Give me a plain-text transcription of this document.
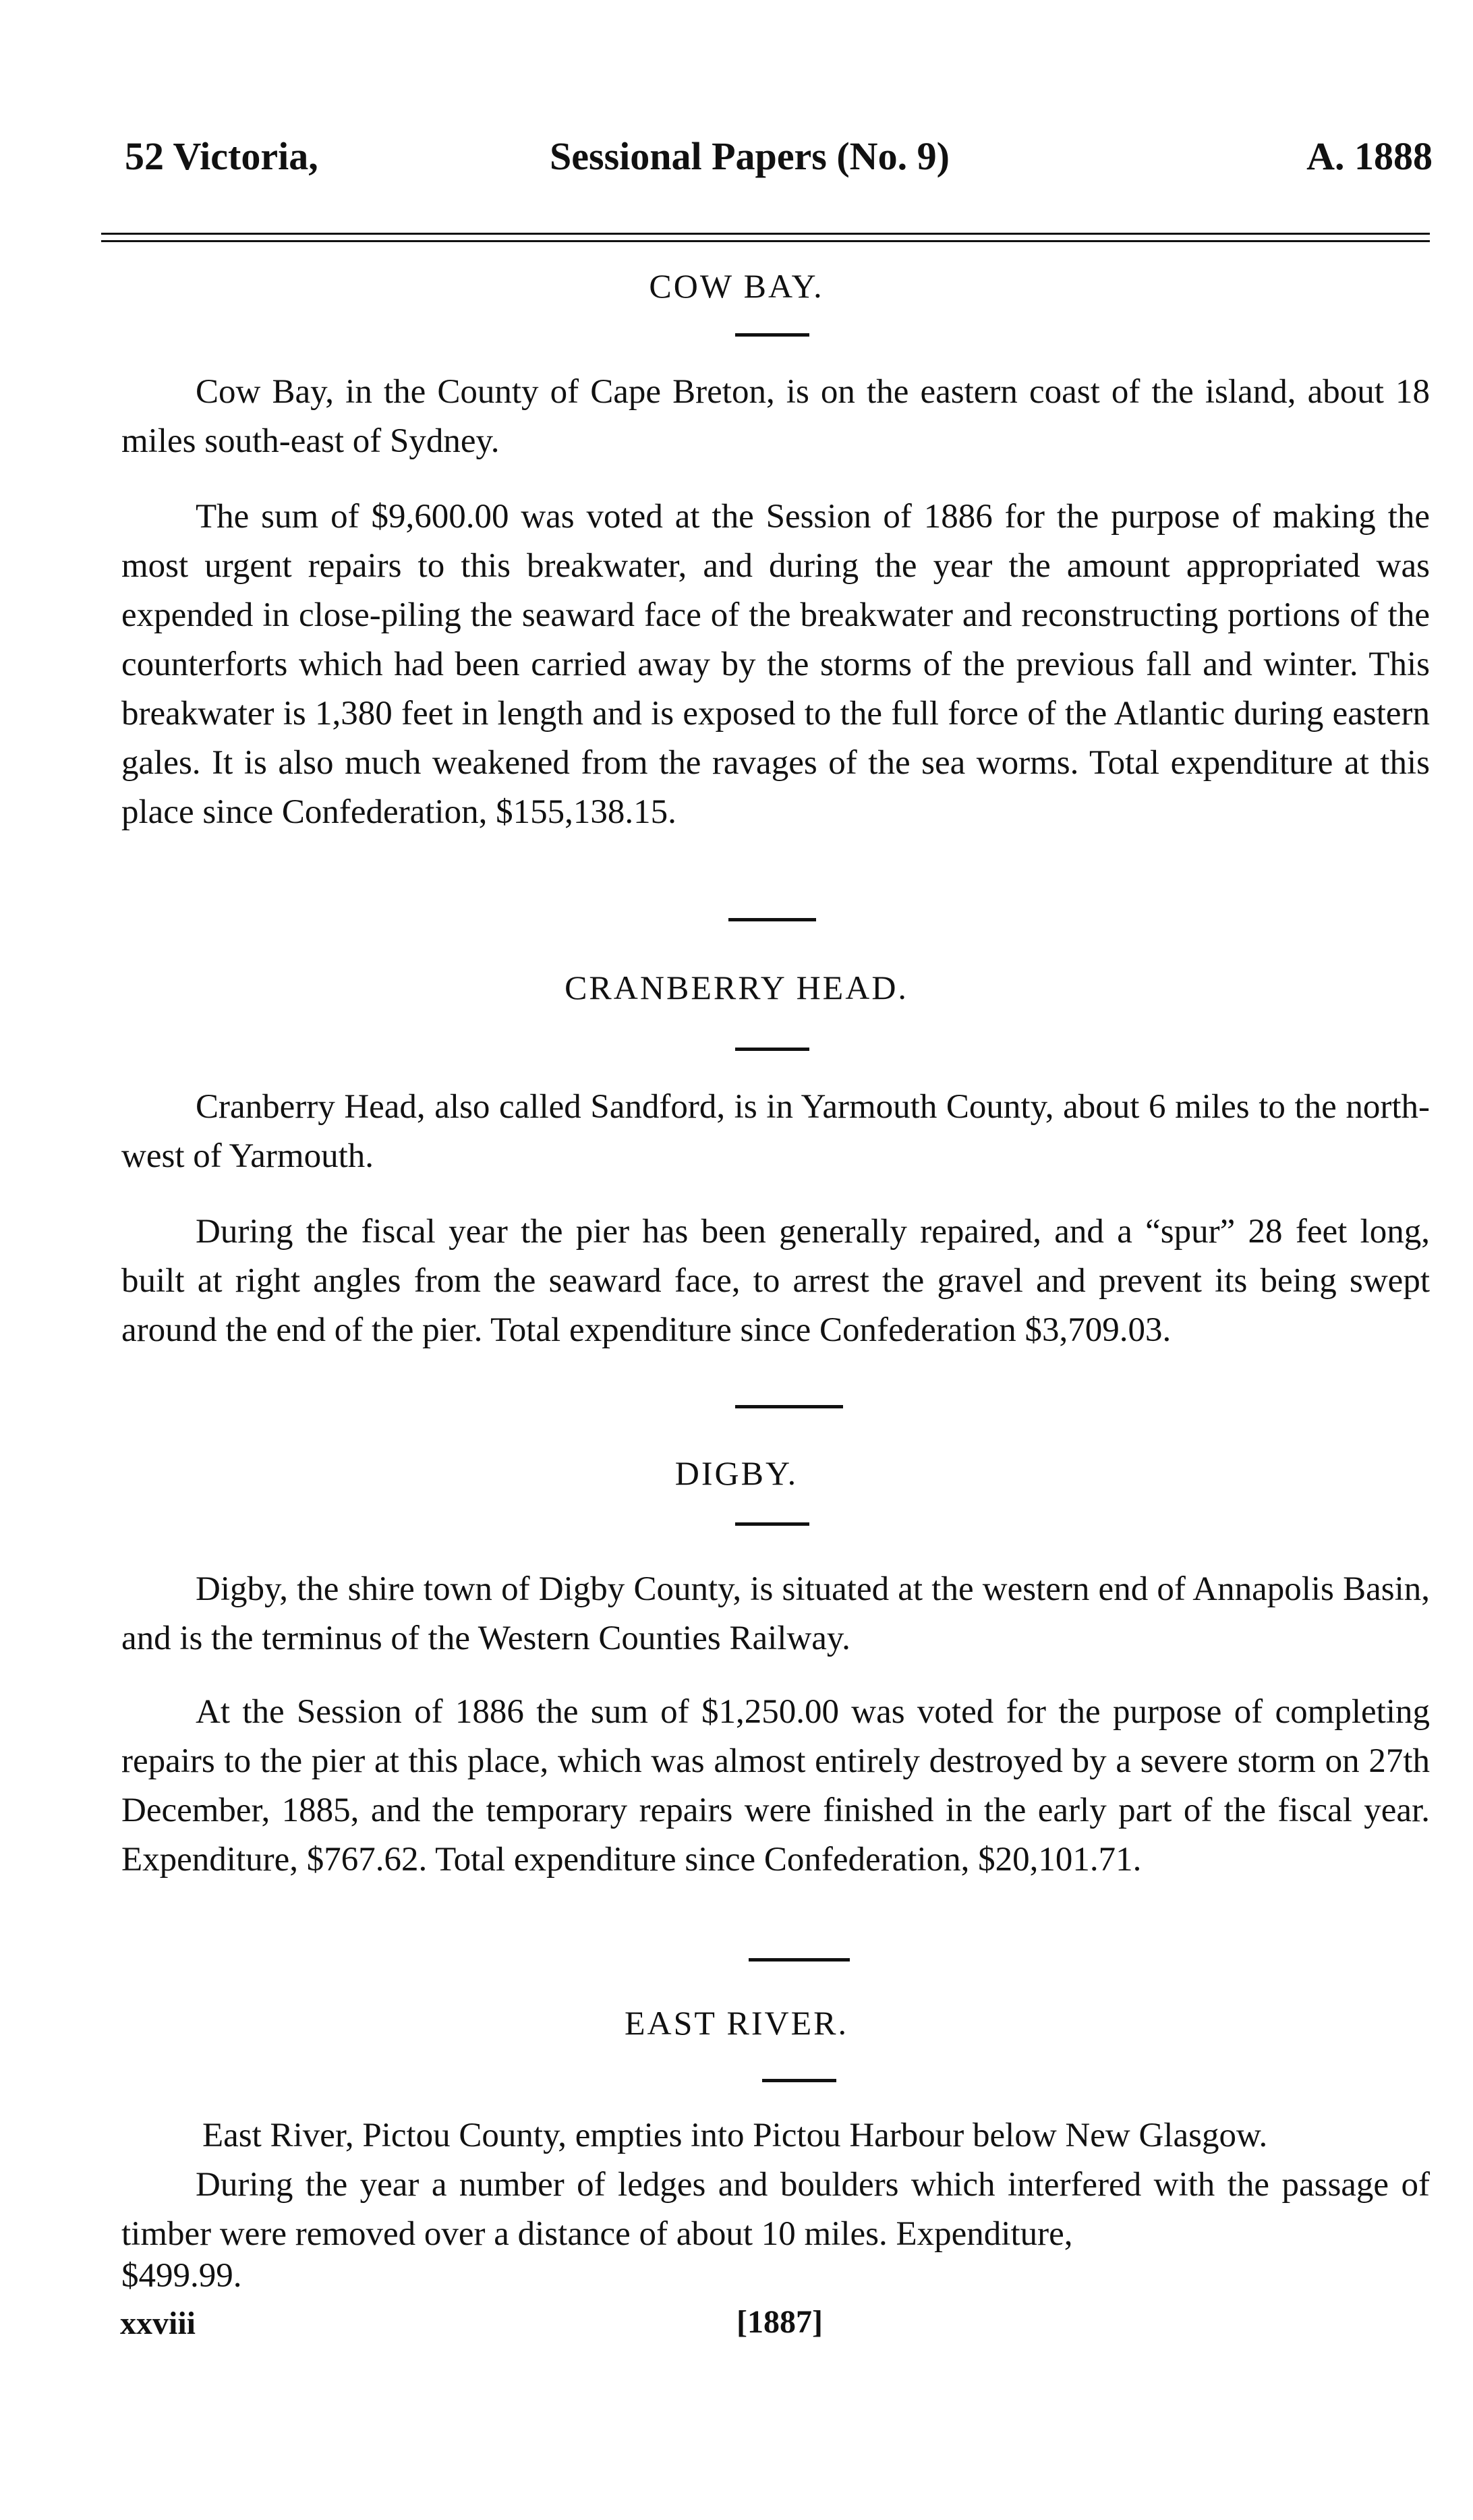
52 Victoria,	Sessional Papers (No. 9)	A. 1888
COW BAY.
Cow Bay, in the County of Cape Breton, is on the eastern coast of the island, about 18 miles south-east of Sydney.
The sum of $9,600.00 was voted at the Session of 1886 for the purpose of making the most urgent repairs to this breakwater, and during the year the amount appropriated was expended in close-piling the seaward face of the breakwater and reconstructing portions of the counterforts which had been carried away by the storms of the previous fall and winter. This breakwater is 1,380 feet in length and is exposed to the full force of the Atlantic during eastern gales. It is also much weakened from the ravages of the sea worms. Total expenditure at this place since Confederation, $155,138.15.
CRANBERRY HEAD.
Cranberry Head, also called Sandford, is in Yarmouth County, about 6 miles to the north-west of Yarmouth.
During the fiscal year the pier has been generally repaired, and a “spur” 28 feet long, built at right angles from the seaward face, to arrest the gravel and prevent its being swept around the end of the pier. Total expenditure since Confederation $3,709.03.
DIGBY.
Digby, the shire town of Digby County, is situated at the western end of Annapolis Basin, and is the terminus of the Western Counties Railway.
At the Session of 1886 the sum of $1,250.00 was voted for the purpose of completing repairs to the pier at this place, which was almost entirely destroyed by a severe storm on 27th December, 1885, and the temporary repairs were finished in the early part of the fiscal year. Expenditure, $767.62. Total expenditure since Confederation, $20,101.71.
EAST RIVER.
East River, Pictou County, empties into Pictou Harbour below New Glasgow.
During the year a number of ledges and boulders which interfered with the passage of timber were removed over a distance of about 10 miles. Expenditure,
$499.99.
xxviii	[1887]
